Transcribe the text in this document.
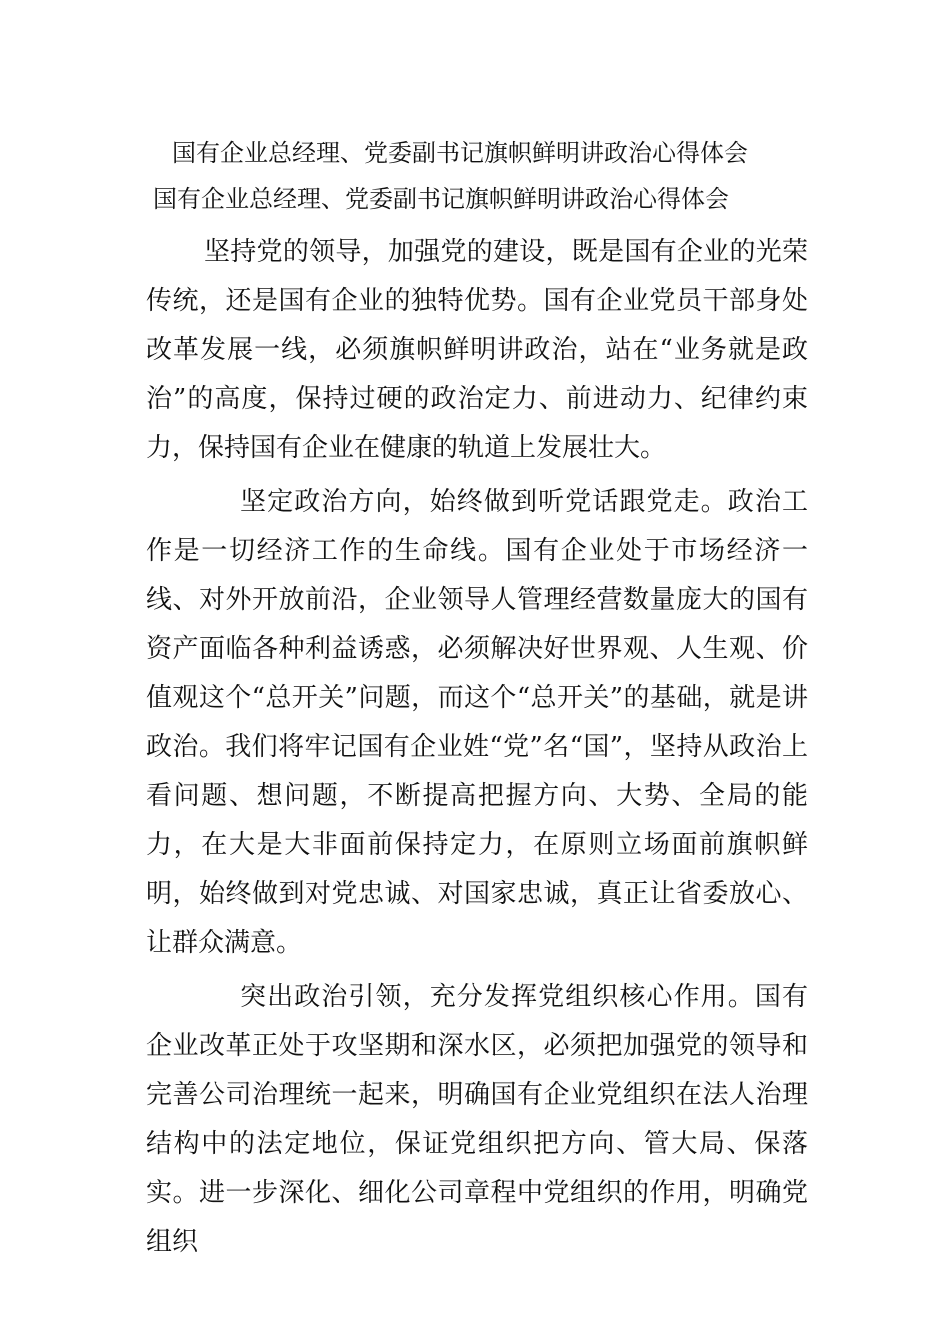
国有企业总经理、党委副书记旗帜鲜明讲政治心得体会
国有企业总经理、党委副书记旗帜鲜明讲政治心得体会

坚持党的领导，加强党的建设，既是国有企业的光荣传统，还是国有企业的独特优势。国有企业党员干部身处改革发展一线，必须旗帜鲜明讲政治，站在“业务就是政治”的高度，保持过硬的政治定力、前进动力、纪律约束力，保持国有企业在健康的轨道上发展壮大。

坚定政治方向，始终做到听党话跟党走。政治工作是一切经济工作的生命线。国有企业处于市场经济一线、对外开放前沿，企业领导人管理经营数量庞大的国有资产面临各种利益诱惑，必须解决好世界观、人生观、价值观这个“总开关”问题，而这个“总开关”的基础，就是讲政治。我们将牢记国有企业姓“党”名“国”，坚持从政治上看问题、想问题，不断提高把握方向、大势、全局的能力，在大是大非面前保持定力，在原则立场面前旗帜鲜明，始终做到对党忠诚、对国家忠诚，真正让省委放心、让群众满意。

突出政治引领，充分发挥党组织核心作用。国有企业改革正处于攻坚期和深水区，必须把加强党的领导和完善公司治理统一起来，明确国有企业党组织在法人治理结构中的法定地位，保证党组织把方向、管大局、保落实。进一步深化、细化公司章程中党组织的作用，明确党组织
